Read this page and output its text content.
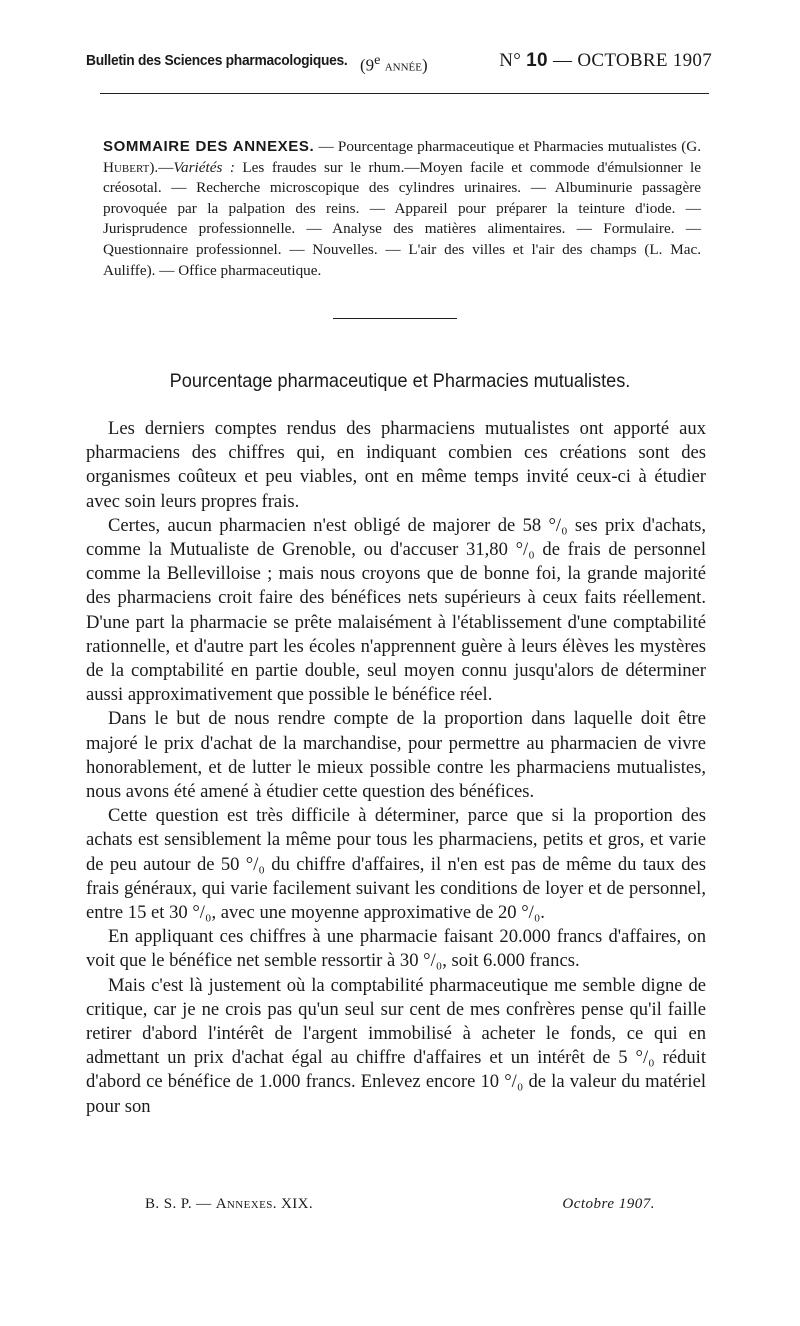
Bulletin des Sciences pharmacologiques. (9e année)	N° 10 — OCTOBRE 1907
SOMMAIRE DES ANNEXES. — Pourcentage pharmaceutique et Pharmacies mutualistes (G. Hubert).—Variétés : Les fraudes sur le rhum.—Moyen facile et commode d'émulsionner le créosotal. — Recherche microscopique des cylindres urinaires. — Albuminurie passagère provoquée par la palpation des reins. — Appareil pour préparer la teinture d'iode. — Jurisprudence professionnelle. — Analyse des matières alimentaires. — Formulaire. — Questionnaire professionnel. — Nouvelles. — L'air des villes et l'air des champs (L. Mac. Auliffe). — Office pharmaceutique.
Pourcentage pharmaceutique et Pharmacies mutualistes.

Les derniers comptes rendus des pharmaciens mutualistes ont apporté aux pharmaciens des chiffres qui, en indiquant combien ces créations sont des organismes coûteux et peu viables, ont en même temps invité ceux-ci à étudier avec soin leurs propres frais.

Certes, aucun pharmacien n'est obligé de majorer de 58 °/₀ ses prix d'achats, comme la Mutualiste de Grenoble, ou d'accuser 31,80 °/₀ de frais de personnel comme la Bellevilloise ; mais nous croyons que de bonne foi, la grande majorité des pharmaciens croit faire des bénéfices nets supérieurs à ceux faits réellement. D'une part la pharmacie se prête malaisément à l'établissement d'une comptabilité rationnelle, et d'autre part les écoles n'apprennent guère à leurs élèves les mystères de la comptabilité en partie double, seul moyen connu jusqu'alors de déterminer aussi approximativement que possible le bénéfice réel.

Dans le but de nous rendre compte de la proportion dans laquelle doit être majoré le prix d'achat de la marchandise, pour permettre au pharmacien de vivre honorablement, et de lutter le mieux possible contre les pharmaciens mutualistes, nous avons été amené à étudier cette question des bénéfices.

Cette question est très difficile à déterminer, parce que si la proportion des achats est sensiblement la même pour tous les pharmaciens, petits et gros, et varie de peu autour de 50 °/₀ du chiffre d'affaires, il n'en est pas de même du taux des frais généraux, qui varie facilement suivant les conditions de loyer et de personnel, entre 15 et 30 °/₀, avec une moyenne approximative de 20 °/₀.

En appliquant ces chiffres à une pharmacie faisant 20.000 francs d'affaires, on voit que le bénéfice net semble ressortir à 30 °/₀, soit 6.000 francs.

Mais c'est là justement où la comptabilité pharmaceutique me semble digne de critique, car je ne crois pas qu'un seul sur cent de mes confrères pense qu'il faille retirer d'abord l'intérêt de l'argent immobilisé à acheter le fonds, ce qui en admettant un prix d'achat égal au chiffre d'affaires et un intérêt de 5 °/₀ réduit d'abord ce bénéfice de 1.000 francs. Enlevez encore 10 °/₀ de la valeur du matériel pour son

B. S. P. — Annexes. XIX.	Octobre 1907.
